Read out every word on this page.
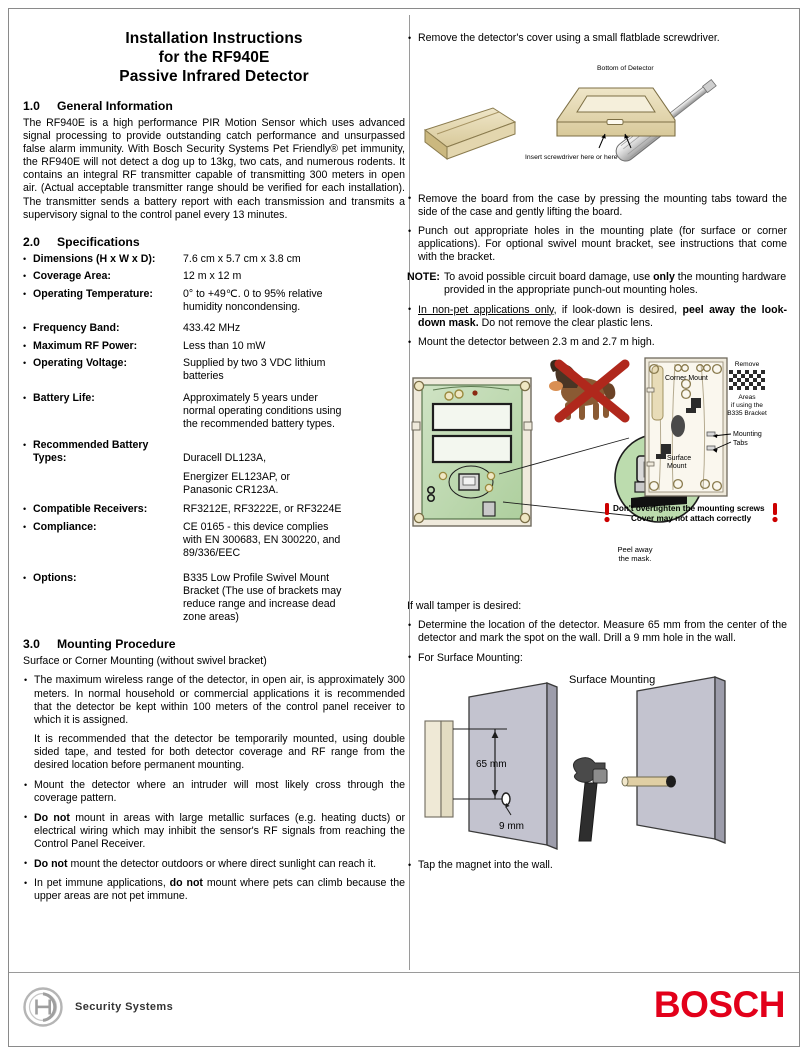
Installation Instructions
for the RF940E
Passive Infrared Detector
1.0 General Information

The RF940E is a high performance PIR Motion Sensor which uses advanced signal processing to provide outstanding catch performance and unsurpassed false alarm immunity. With Bosch Security Systems Pet Friendly® pet immunity, the RF940E will not detect a dog up to 13kg, two cats, and numerous rodents. It contains an integral RF transmitter capable of transmitting 300 meters in open air. (Actual acceptable transmitter range should be verified for each installation). The transmitter sends a battery report with each transmission and transmits a supervisory signal to the control panel every 13 minutes.

2.0 Specifications
•
Dimensions (H x W x D):	7.6 cm x 5.7 cm x 3.8 cm
•
Coverage Area:	12 m x 12 m
•
Operating Temperature:	0° to +49℃. 0 to 95% relative
humidity noncondensing.
•
Frequency Band:	433.42 MHz
•
Maximum RF Power:	Less than 10 mW
•
Operating Voltage:	Supplied by two 3 VDC lithium
batteries
•
Battery Life:	Approximately 5 years under
normal operating conditions using
the recommended battery types.
•
Recommended Battery
Types:	Duracell DL123A,
Energizer EL123AP, or
Panasonic CR123A.
•
Compatible Receivers:	RF3212E, RF3222E, or RF3224E
•
Compliance:	CE 0165 - this device complies
with EN 300683, EN 300220, and
89/336/EEC
•
Options:	B335 Low Profile Swivel Mount
Bracket (The use of brackets may
reduce range and increase dead
zone areas)
3.0 Mounting Procedure
Surface or Corner Mounting (without swivel bracket)
• The maximum wireless range of the detector, in open air, is approximately 300 meters. In normal household or commercial applications it is recommended that the detector be kept within 100 meters of the control panel receiver to which it is assigned.
It is recommended that the detector be temporarily mounted, using double sided tape, and tested for both detector coverage and RF range from the desired location before permanent mounting.
• Mount the detector where an intruder will most likely cross through the coverage pattern.
• Do not mount in areas with large metallic surfaces (e.g. heating ducts) or electrical wiring which may inhibit the sensor's RF signals from reaching the Control Panel Receiver.
• Do not mount the detector outdoors or where direct sunlight can reach it.
• In pet immune applications, do not mount where pets can climb because the upper areas are not pet immune.
• Remove the detector's cover using a small flatblade screwdriver.
Bottom of Detector
Insert screwdriver here or here
• Remove the board from the case by pressing the mounting tabs toward the side of the case and gently lifting the board.
• Punch out appropriate holes in the mounting plate (for surface or corner applications). For optional swivel mount bracket, see instructions that come with the bracket.
NOTE: To avoid possible circuit board damage, use only the mounting hardware provided in the appropriate punch-out mounting holes.
• In non-pet applications only, if look-down is desired, peel away the look-down mask. Do not remove the clear plastic lens.
• Mount the detector between 2.3 m and 2.7 m high.
Peel away
the mask.
Corner Mount
Surface
Mount
Remove
Areas
if using the
B335 Bracket
Mounting
Tabs
Don't overtighten the mounting screws
Cover may not attach correctly
If wall tamper is desired:
• Determine the location of the detector. Measure 65 mm from the center of the detector and mark the spot on the wall. Drill a 9 mm hole in the wall.
• For Surface Mounting:
Surface Mounting
65 mm
9 mm
• Tap the magnet into the wall.
Security Systems	BOSCH
